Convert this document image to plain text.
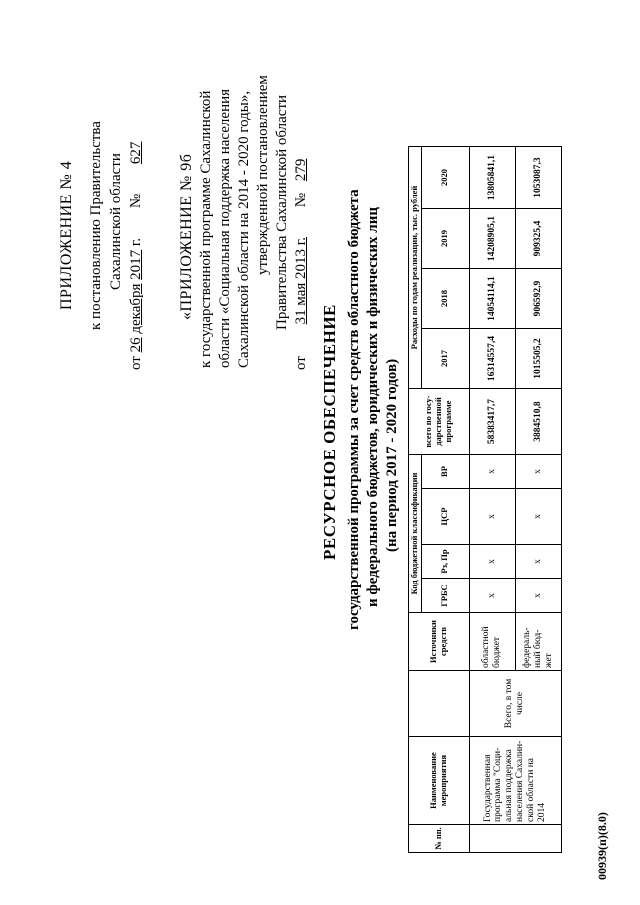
ПРИЛОЖЕНИЕ № 4 к постановлению Правительства Сахалинской области
от 26 декабря 2017 г. № 627
«ПРИЛОЖЕНИЕ № 9б к государственной программе Сахалинской области «Социальная поддержка населения Сахалинской области на 2014 - 2020 годы», утвержденной постановлением Правительства Сахалинской области
от 31 мая 2013 г. № 279
РЕСУРСНОЕ ОБЕСПЕЧЕНИЕ государственной программы за счет средств областного бюджета и федерального бюджетов, юридических и физических лиц (на период 2017 - 2020 годов)
№ пп.	Наименование мероприятия		Источники средств	Код бюджетной классификации				всего по госу-дарственной программе	Расходы по годам реализации, тыс. рублей			
				ГРБС	Рз, Пр	ЦСР	ВР		2017	2018	2019	2020
	Государственная программа "Соци-альная поддержка населения Сахалин-ской области на 2014	Всего, в том числе	областной бюджет	х	х	х	х	58383417,7	16314557,4	14054114,1	14208905,1	13805841,1
			федераль-ный бюд-жет	х	х	х	х	3884510,8	1015505,2	906592,9	909325,4	1053087,3
00939(п)(8.0)
